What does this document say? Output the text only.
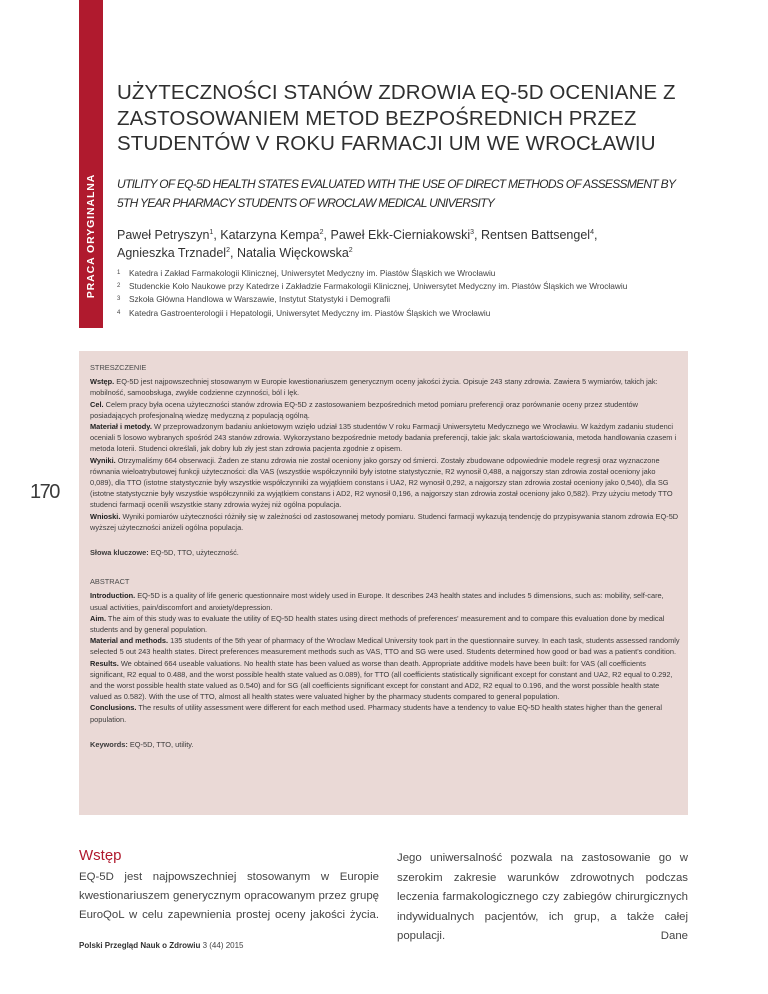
PRACA ORYGINALNA
UŻYTECZNOŚCI STANÓW ZDROWIA EQ-5D OCENIANE Z ZASTOSOWANIEM METOD BEZPOŚREDNICH PRZEZ STUDENTÓW V ROKU FARMACJI UM WE WROCŁAWIU
UTILITY OF EQ-5D HEALTH STATES EVALUATED WITH THE USE OF DIRECT METHODS OF ASSESSMENT BY 5TH YEAR PHARMACY STUDENTS OF WROCLAW MEDICAL UNIVERSITY
Paweł Petryszyn$^1$, Katarzyna Kempa$^2$, Paweł Ekk-Cierniakowski$^3$, Rentsen Battsengel$^4$,
Agnieszka Trznadel$^2$, Natalia Więckowska$^2$
1	Katedra i Zakład Farmakologii Klinicznej, Uniwersytet Medyczny im. Piastów Śląskich we Wrocławiu
2	Studenckie Koło Naukowe przy Katedrze i Zakładzie Farmakologii Klinicznej, Uniwersytet Medyczny im. Piastów Śląskich we Wrocławiu
3	Szkoła Główna Handlowa w Warszawie, Instytut Statystyki i Demografii
4	Katedra Gastroenterologii i Hepatologii, Uniwersytet Medyczny im. Piastów Śląskich we Wrocławiu
170
STRESZCZENIE
Wstęp. EQ-5D jest najpowszechniej stosowanym w Europie kwestionariuszem generycznym oceny jakości życia. Opisuje 243 stany zdrowia. Zawiera 5 wymiarów, takich jak: mobilność, samoobsługa, zwykłe codzienne czynności, ból i lęk.
Cel. Celem pracy była ocena użyteczności stanów zdrowia EQ-5D z zastosowaniem bezpośrednich metod pomiaru preferencji oraz porównanie oceny przez studentów posiadających profesjonalną wiedzę medyczną z populacją ogólną.
Materiał i metody. W przeprowadzonym badaniu ankietowym wzięło udział 135 studentów V roku Farmacji Uniwersytetu Medycznego we Wrocławiu. W każdym zadaniu studenci oceniali 5 losowo wybranych spośród 243 stanów zdrowia. Wykorzystano bezpośrednie metody badania preferencji, takie jak: skala wartościowania, metoda handlowania czasem i metoda loterii. Studenci określali, jak dobry lub zły jest stan zdrowia pacjenta zgodnie z opisem.
Wyniki. Otrzymaliśmy 664 obserwacji. Żaden ze stanu zdrowia nie został oceniony jako gorszy od śmierci. Zostały zbudowane odpowiednie modele regresji oraz wyznaczone równania wieloatrybutowej funkcji użyteczności: dla VAS (wszystkie współczynniki były istotne statystycznie, R2 wynosił 0,488, a najgorszy stan zdrowia został oceniony jako 0,089), dla TTO (istotne statystycznie były wszystkie współczynniki za wyjątkiem constans i UA2, R2 wynosił 0,292, a najgorszy stan zdrowia został oceniony jako 0,540), dla SG (istotne statystycznie były wszystkie współczynniki za wyjątkiem constans i AD2, R2 wynosił 0,196, a najgorszy stan zdrowia został oceniony jako 0,582). Przy użyciu metody TTO studenci farmacji ocenili wszystkie stany zdrowia wyżej niż ogólna populacja.
Wnioski. Wyniki pomiarów użyteczności różniły się w zależności od zastosowanej metody pomiaru. Studenci farmacji wykazują tendencję do przypisywania stanom zdrowia EQ-5D wyższej użyteczności aniżeli ogólna populacja.
Słowa kluczowe: EQ-5D, TTO, użyteczność.
ABSTRACT
Introduction. EQ-5D is a quality of life generic questionnaire most widely used in Europe. It describes 243 health states and includes 5 dimensions, such as: mobility, self-care, usual activities, pain/discomfort and anxiety/depression.
Aim. The aim of this study was to evaluate the utility of EQ-5D health states using direct methods of preferences' measurement and to compare this evaluation done by medical students and by general population.
Material and methods. 135 students of the 5th year of pharmacy of the Wroclaw Medical University took part in the questionnaire survey. In each task, students assessed randomly selected 5 out 243 health states. Direct preferences measurement methods such as VAS, TTO and SG were used. Students determined how good or bad was a patient's condition.
Results. We obtained 664 useable valuations. No health state has been valued as worse than death. Appropriate additive models have been built: for VAS (all coefficients significant, R2 equal to 0.488, and the worst possible health state valued as 0.089), for TTO (all coefficients statistically significant except for constant and UA2, R2 equal to 0.292, and the worst possible health state valued as 0.540) and for SG (all coefficients significant except for constant and AD2, R2 equal to 0.196, and the worst possible health state valued as 0.582). With the use of TTO, almost all health states were valuated higher by the pharmacy students compared to general population.
Conclusions. The results of utility assessment were different for each method used. Pharmacy students have a tendency to value EQ-5D health states higher than the general population.
Keywords: EQ-5D, TTO, utility.
Wstęp
EQ-5D jest najpowszechniej stosowanym w Europie kwestionariuszem generycznym opracowanym przez grupę EuroQoL w celu zapewnienia prostej oceny jakości życia.
Jego uniwersalność pozwala na zastosowanie go w szerokim zakresie warunków zdrowotnych podczas leczenia farmakologicznego czy zabiegów chirurgicznych indywidualnych pacjentów, ich grup, a także całej populacji. Dane
Polski Przegląd Nauk o Zdrowiu 3 (44) 2015
